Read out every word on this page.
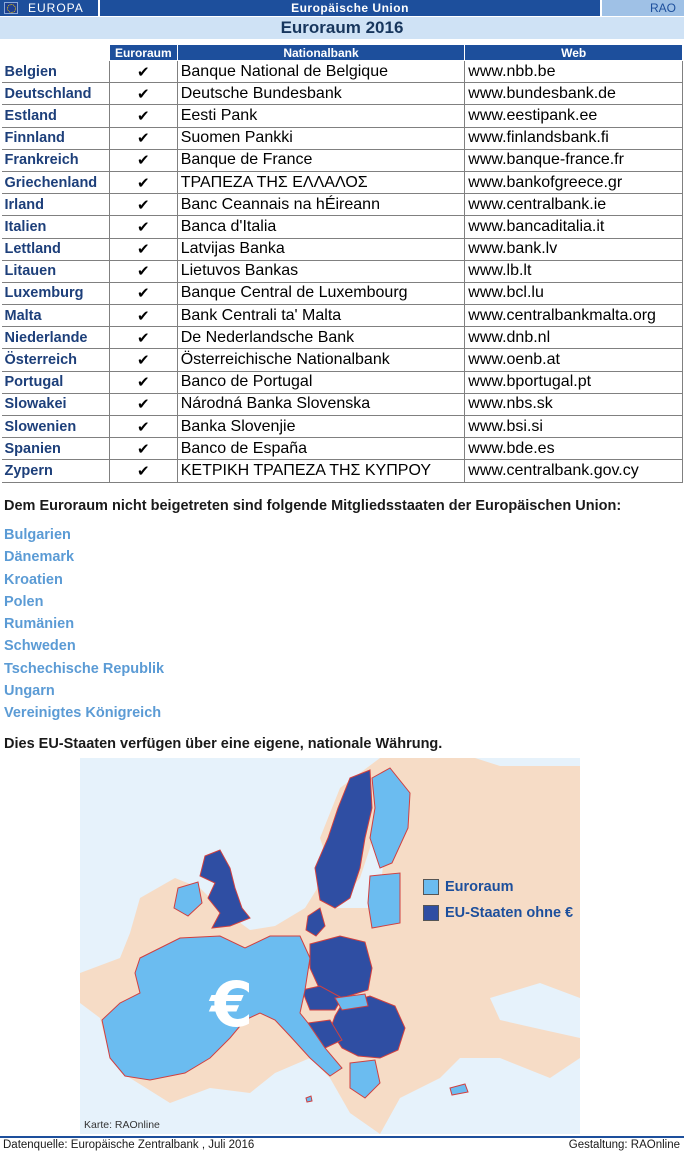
EUROPA	Europäische Union	RAO
Euroraum 2016
	Euroraum	Nationalbank	Web
Belgien	✔	Banque National de Belgique	www.nbb.be
Deutschland	✔	Deutsche Bundesbank	www.bundesbank.de
Estland	✔	Eesti Pank	www.eestipank.ee
Finnland	✔	Suomen Pankki	www.finlandsbank.fi
Frankreich	✔	Banque de France	www.banque-france.fr
Griechenland	✔	ΤΡΑΠΕΖΑ ΤΗΣ ΕΛΛΑΛΟΣ	www.bankofgreece.gr
Irland	✔	Banc Ceannais na hÉireann	www.centralbank.ie
Italien	✔	Banca d'Italia	www.bancaditalia.it
Lettland	✔	Latvijas Banka	www.bank.lv
Litauen	✔	Lietuvos Bankas	www.lb.lt
Luxemburg	✔	Banque Central de Luxembourg	www.bcl.lu
Malta	✔	Bank Centrali ta' Malta	www.centralbankmalta.org
Niederlande	✔	De Nederlandsche Bank	www.dnb.nl
Österreich	✔	Österreichische Nationalbank	www.oenb.at
Portugal	✔	Banco de Portugal	www.bportugal.pt
Slowakei	✔	Národná Banka Slovenska	www.nbs.sk
Slowenien	✔	Banka Slovenjie	www.bsi.si
Spanien	✔	Banco de España	www.bde.es
Zypern	✔	ΚΕΤΡΙΚΗ ΤΡΑΠΕΖΑ ΤΗΣ ΚΥΠΡΟΥ	www.centralbank.gov.cy
Dem Euroraum nicht beigetreten sind folgende Mitgliedsstaaten der Europäischen Union:
Bulgarien
Dänemark
Kroatien
Polen
Rumänien
Schweden
Tschechische Republik
Ungarn
Vereinigtes Königreich
Dies EU-Staaten verfügen über eine eigene, nationale Währung.
€
Euroraum
EU-Staaten ohne €
Karte: RAOnline
Datenquelle: Europäische Zentralbank , Juli 2016	Gestaltung: RAOnline
